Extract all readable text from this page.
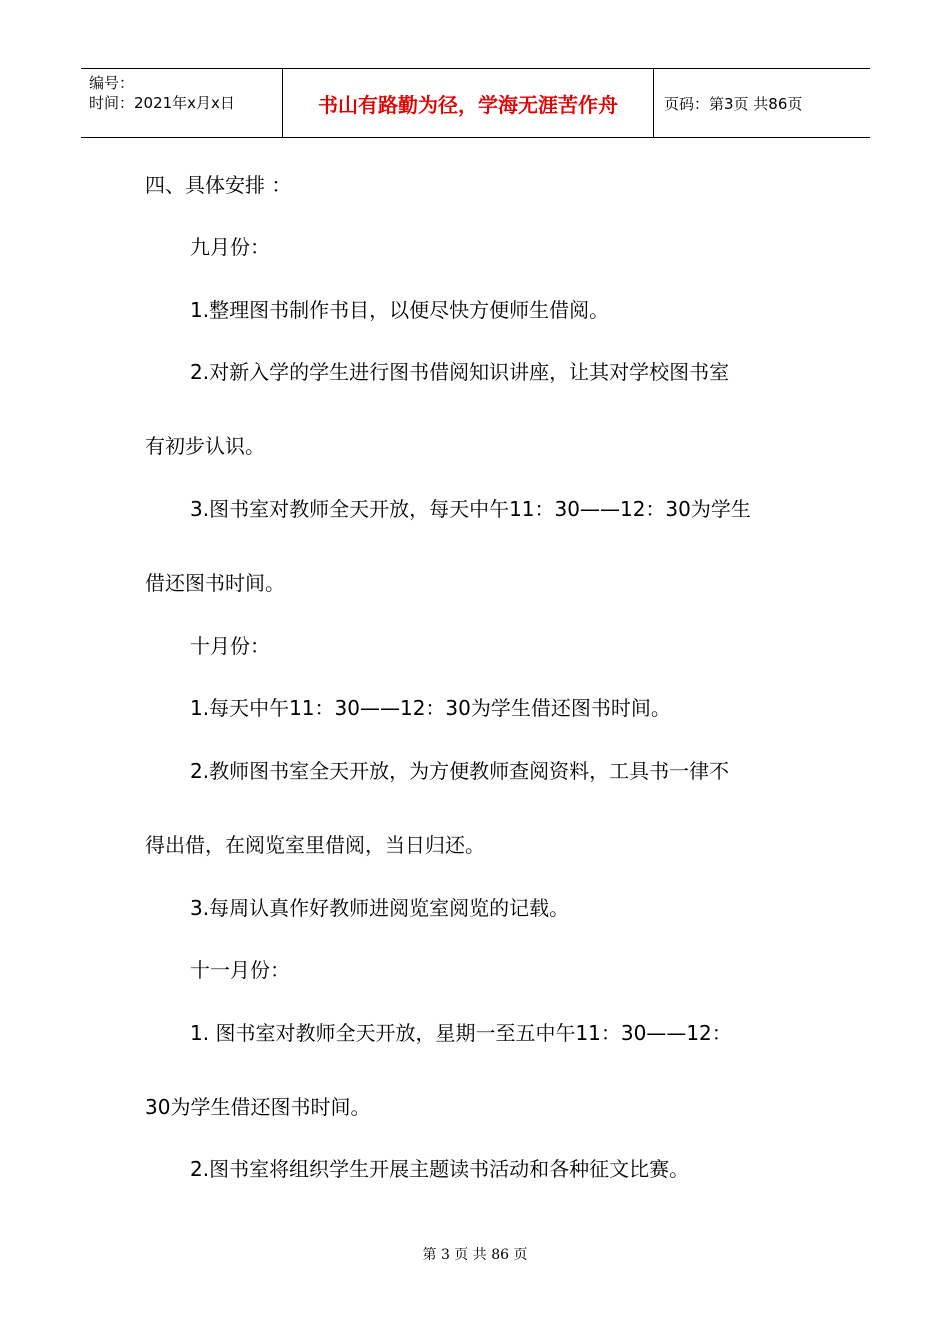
编号：
时间：2021年x月x日	书山有路勤为径，学海无涯苦作舟	页码：第3页 共86页
四、具体安排 ：
九月份：
1.整理图书制作书目，以便尽快方便师生借阅。
2.对新入学的学生进行图书借阅知识讲座，让其对学校图书室
有初步认识。
3.图书室对教师全天开放，每天中午11：30——12：30为学生
借还图书时间。
十月份：
1.每天中午11：30——12：30为学生借还图书时间。
2.教师图书室全天开放，为方便教师查阅资料，工具书一律不
得出借，在阅览室里借阅，当日归还。
3.每周认真作好教师进阅览室阅览的记载。
十一月份：
1. 图书室对教师全天开放，星期一至五中午11：30——12：
30为学生借还图书时间。
2.图书室将组织学生开展主题读书活动和各种征文比赛。
第 3 页 共 86 页
